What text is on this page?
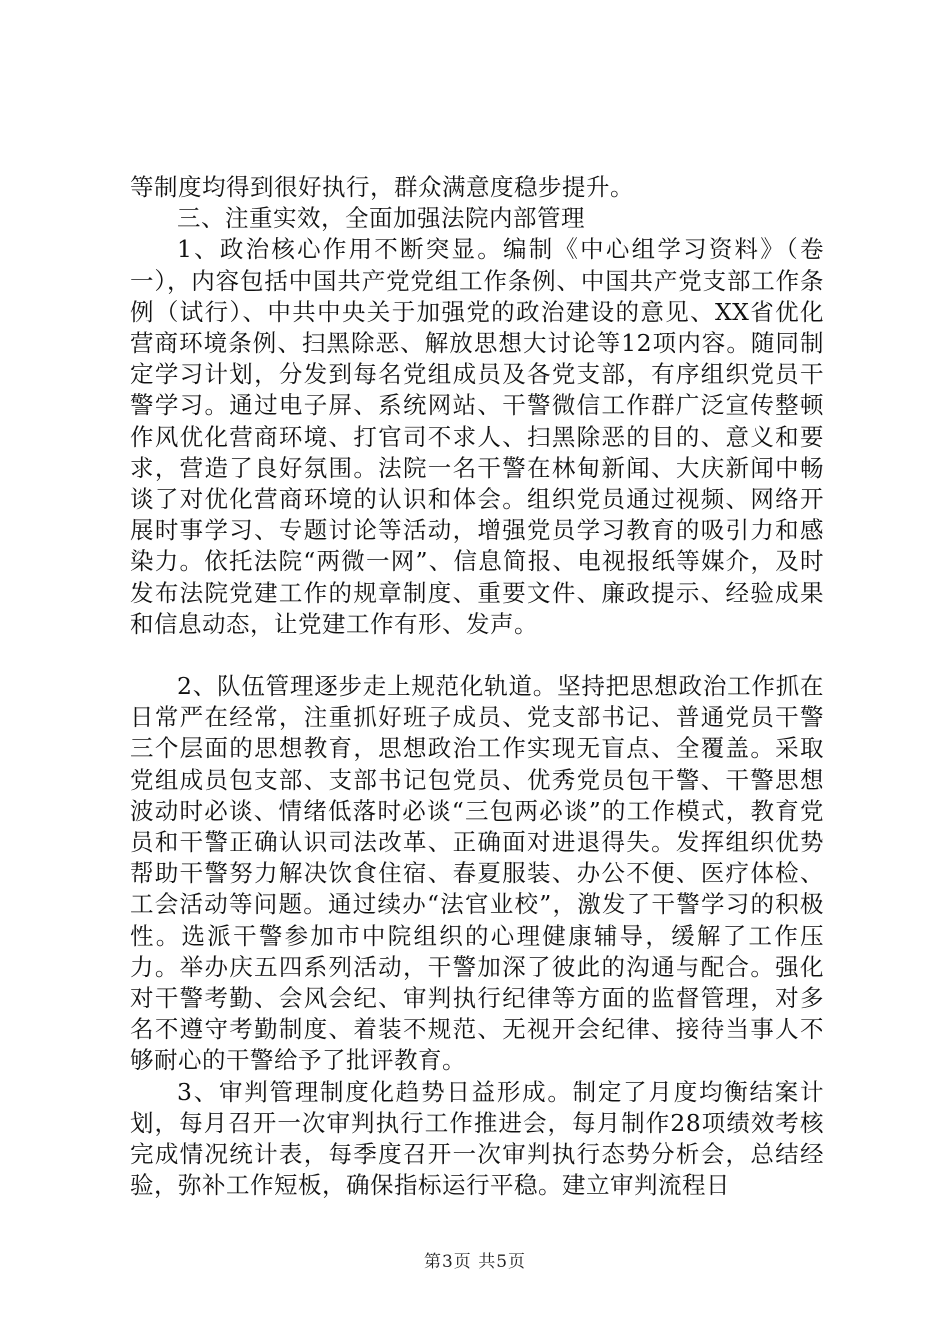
等制度均得到很好执行，群众满意度稳步提升。

三、注重实效，全面加强法院内部管理

1、政治核心作用不断突显。编制《中心组学习资料》（卷一），内容包括中国共产党党组工作条例、中国共产党支部工作条例（试行）、中共中央关于加强党的政治建设的意见、XX省优化营商环境条例、扫黑除恶、解放思想大讨论等12项内容。随同制定学习计划，分发到每名党组成员及各党支部，有序组织党员干警学习。通过电子屏、系统网站、干警微信工作群广泛宣传整顿作风优化营商环境、打官司不求人、扫黑除恶的目的、意义和要求，营造了良好氛围。法院一名干警在林甸新闻、大庆新闻中畅谈了对优化营商环境的认识和体会。组织党员通过视频、网络开展时事学习、专题讨论等活动，增强党员学习教育的吸引力和感染力。依托法院“两微一网”、信息简报、电视报纸等媒介，及时发布法院党建工作的规章制度、重要文件、廉政提示、经验成果和信息动态，让党建工作有形、发声。

2、队伍管理逐步走上规范化轨道。坚持把思想政治工作抓在日常严在经常，注重抓好班子成员、党支部书记、普通党员干警三个层面的思想教育，思想政治工作实现无盲点、全覆盖。采取党组成员包支部、支部书记包党员、优秀党员包干警、干警思想波动时必谈、情绪低落时必谈“三包两必谈”的工作模式，教育党员和干警正确认识司法改革、正确面对进退得失。发挥组织优势帮助干警努力解决饮食住宿、春夏服装、办公不便、医疗体检、工会活动等问题。通过续办“法官业校”，激发了干警学习的积极性。选派干警参加市中院组织的心理健康辅导，缓解了工作压力。举办庆五四系列活动，干警加深了彼此的沟通与配合。强化对干警考勤、会风会纪、审判执行纪律等方面的监督管理，对多名不遵守考勤制度、着装不规范、无视开会纪律、接待当事人不够耐心的干警给予了批评教育。

3、审判管理制度化趋势日益形成。制定了月度均衡结案计划，每月召开一次审判执行工作推进会，每月制作28项绩效考核完成情况统计表，每季度召开一次审判执行态势分析会，总结经验，弥补工作短板，确保指标运行平稳。建立审判流程日

第3页 共5页
